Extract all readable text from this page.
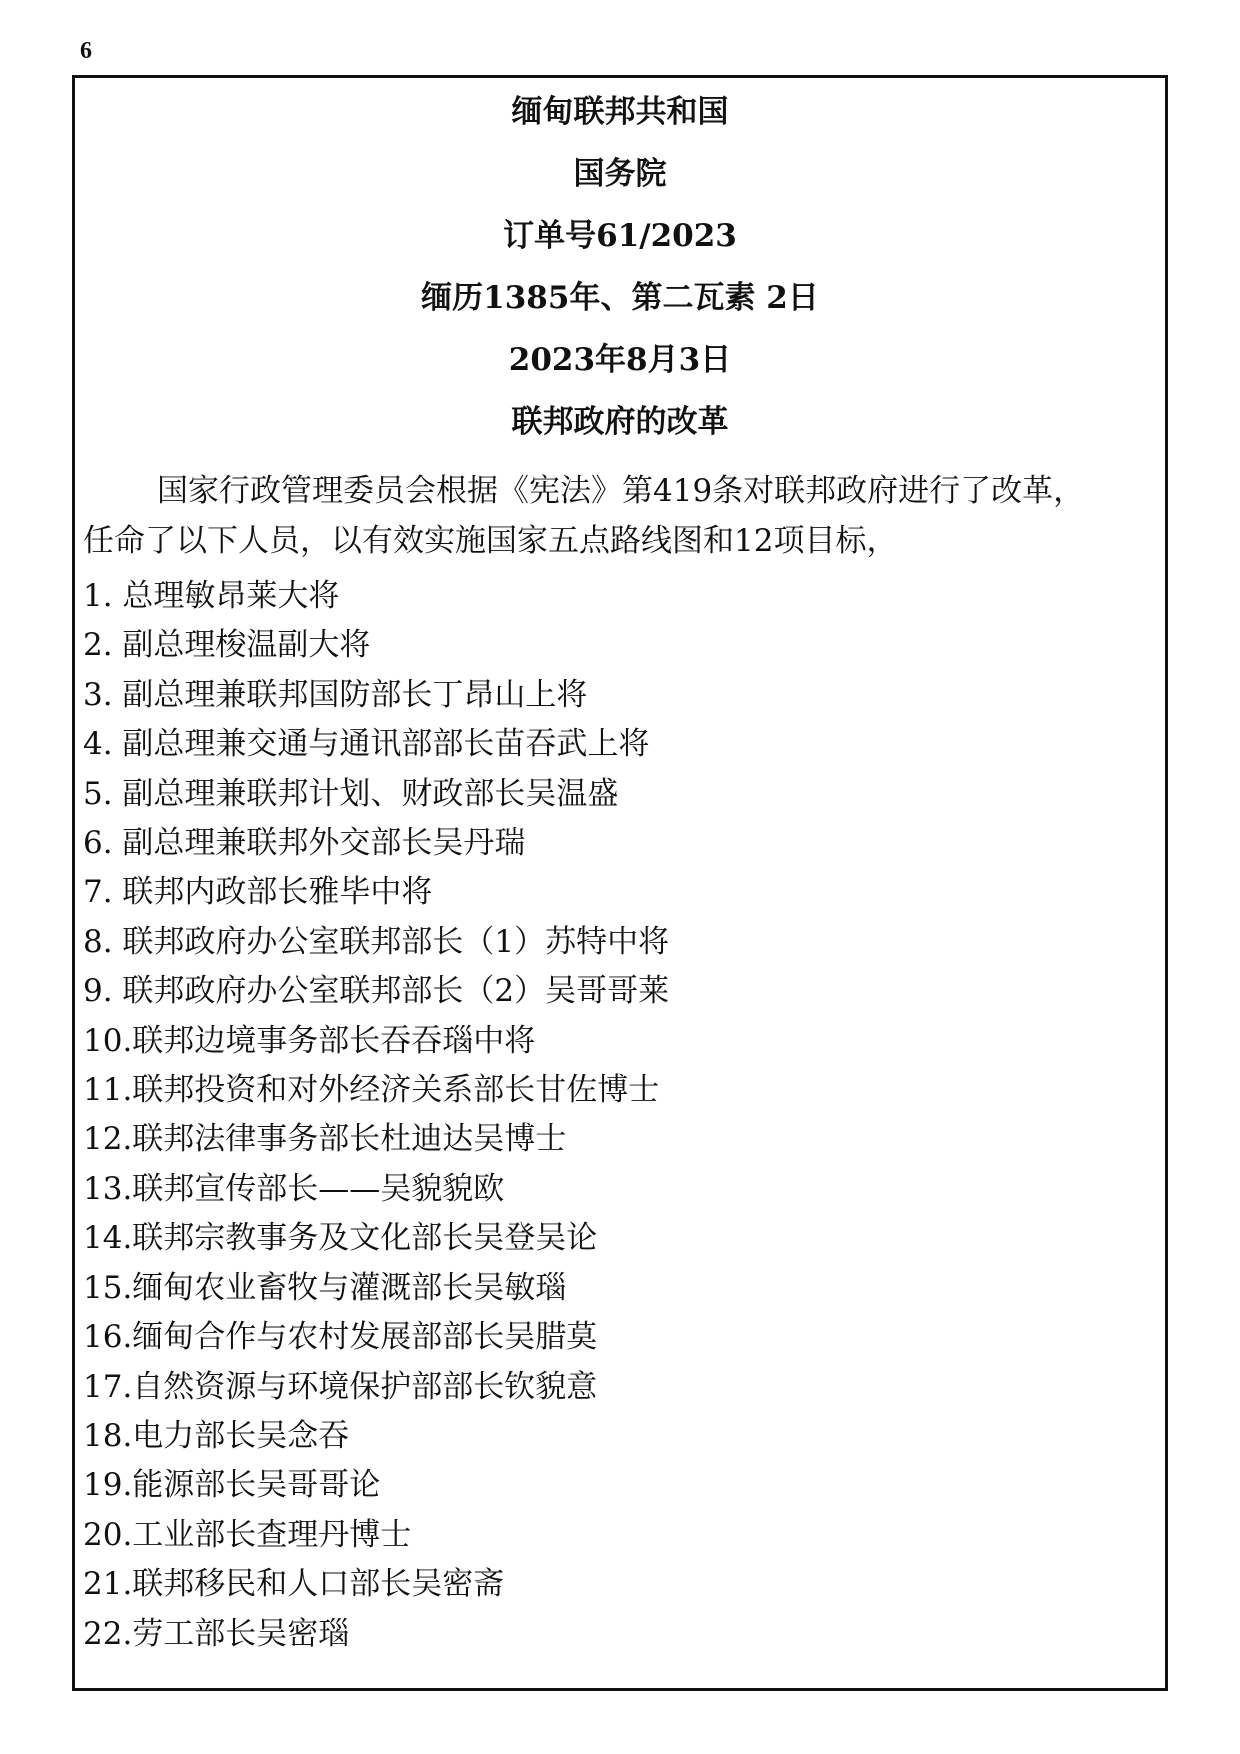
6
缅甸联邦共和国
国务院
订单号61/2023
缅历1385年、第二瓦素 2日
2023年8月3日
联邦政府的改革
国家行政管理委员会根据《宪法》第419条对联邦政府进行了改革，
任命了以下人员，以有效实施国家五点路线图和12项目标，
1. 总理敏昂莱大将
2. 副总理梭温副大将
3. 副总理兼联邦国防部长丁昂山上将
4. 副总理兼交通与通讯部部长苗吞武上将
5. 副总理兼联邦计划、财政部长吴温盛
6. 副总理兼联邦外交部长吴丹瑞
7. 联邦内政部长雅毕中将
8. 联邦政府办公室联邦部长（1）苏特中将
9. 联邦政府办公室联邦部长（2）吴哥哥莱
10.联邦边境事务部长吞吞瑙中将
11.联邦投资和对外经济关系部长甘佐博士
12.联邦法律事务部长杜迪达吴博士
13.联邦宣传部长——吴貌貌欧
14.联邦宗教事务及文化部长吴登吴论
15.缅甸农业畜牧与灌溉部长吴敏瑙
16.缅甸合作与农村发展部部长吴腊莫
17.自然资源与环境保护部部长钦貌意
18.电力部长吴念吞
19.能源部长吴哥哥论
20.工业部长查理丹博士
21.联邦移民和人口部长吴密斋
22.劳工部长吴密瑙
